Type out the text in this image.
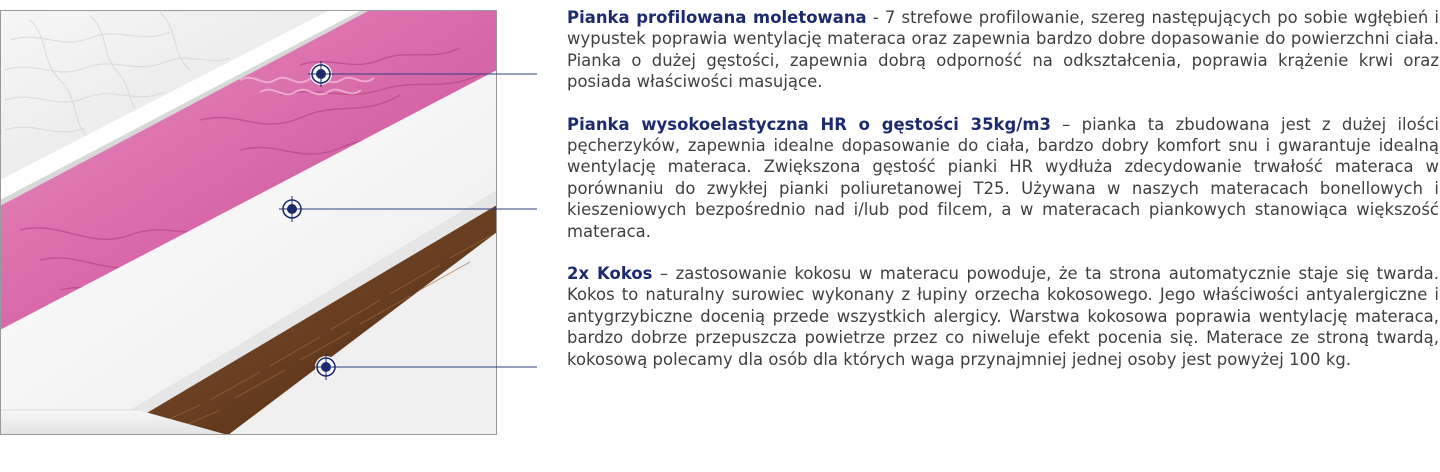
Pianka profilowana moletowana - 7 strefowe profilowanie, szereg następujących po sobie wgłębień i wypustek poprawia wentylację materaca oraz zapewnia bardzo dobre dopasowanie do powierzchni ciała. Pianka o dużej gęstości, zapewnia dobrą odporność na odkształcenia, poprawia krążenie krwi oraz posiada właściwości masujące.

Pianka wysokoelastyczna HR o gęstości 35kg/m3 – pianka ta zbudowana jest z dużej ilości pęcherzyków, zapewnia idealne dopasowanie do ciała, bardzo dobry komfort snu i gwarantuje idealną wentylację materaca. Zwiększona gęstość pianki HR wydłuża zdecydowanie trwałość materaca w porównaniu do zwykłej pianki poliuretanowej T25. Używana w naszych materacach bonellowych i kieszeniowych bezpośrednio nad i/lub pod filcem, a w materacach piankowych stanowiąca większość materaca.

2x Kokos – zastosowanie kokosu w materacu powoduje, że ta strona automatycznie staje się twarda. Kokos to naturalny surowiec wykonany z łupiny orzecha kokosowego. Jego właściwości antyalergiczne i antygrzybiczne docenią przede wszystkich alergicy. Warstwa kokosowa poprawia wentylację materaca, bardzo dobrze przepuszcza powietrze przez co niweluje efekt pocenia się. Materace ze stroną twardą, kokosową polecamy dla osób dla których waga przynajmniej jednej osoby jest powyżej 100 kg.
